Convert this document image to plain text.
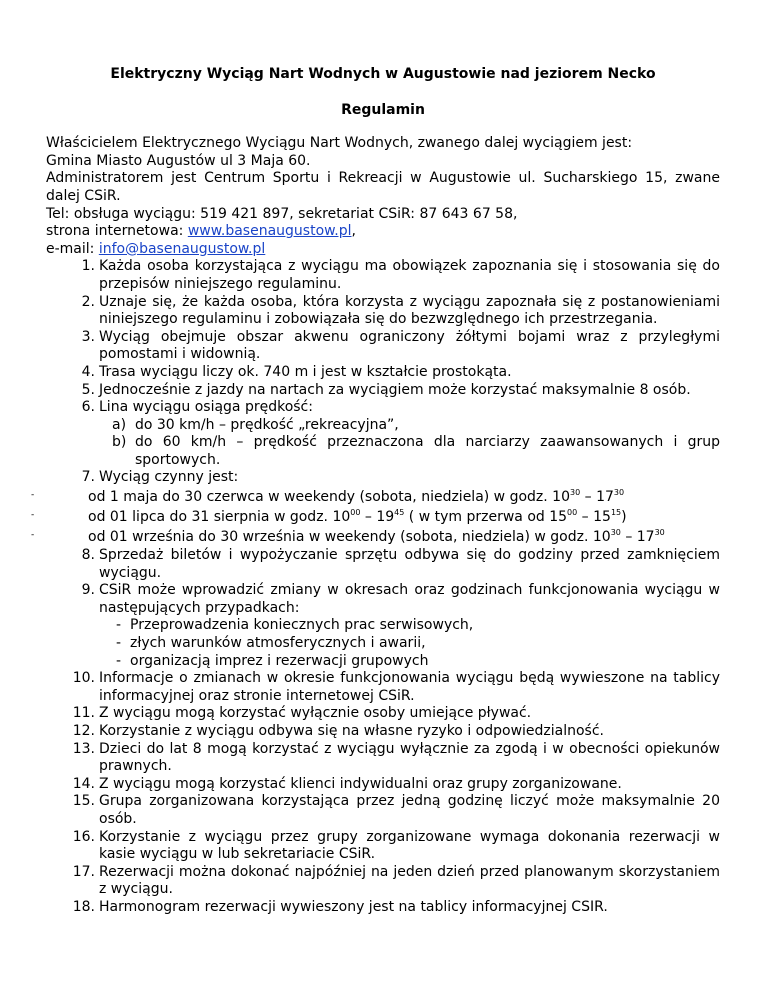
Elektryczny Wyciąg Nart Wodnych w Augustowie nad jeziorem Necko

Regulamin

Właścicielem Elektrycznego Wyciągu Nart Wodnych, zwanego dalej wyciągiem jest:

Gmina Miasto Augustów ul 3 Maja 60.

Administratorem jest Centrum Sportu i Rekreacji w Augustowie ul. Sucharskiego 15, zwane dalej CSiR.

Tel: obsługa wyciągu: 519 421 897, sekretariat CSiR: 87 643 67 58,

strona internetowa: www.basenaugustow.pl,

e-mail: info@basenaugustow.pl

1. Każda osoba korzystająca z wyciągu ma obowiązek zapoznania się i stosowania się do przepisów niniejszego regulaminu.
2. Uznaje się, że każda osoba, która korzysta z wyciągu zapoznała się z postanowieniami niniejszego regulaminu i zobowiązała się do bezwzględnego ich przestrzegania.
3. Wyciąg obejmuje obszar akwenu ograniczony żółtymi bojami wraz z przyległymi pomostami i widownią.
4. Trasa wyciągu liczy ok. 740 m i jest w kształcie prostokąta.
5. Jednocześnie z jazdy na nartach za wyciągiem może korzystać maksymalnie 8 osób.
6. Lina wyciągu osiąga prędkość:
a) do 30 km/h – prędkość „rekreacyjna”,
b) do 60 km/h – prędkość przeznaczona dla narciarzy zaawansowanych i grup sportowych.
7. Wyciąg czynny jest:
-	od 1 maja do 30 czerwca w weekendy (sobota, niedziela) w godz. $10^{30} - 17^{30}$
-	od 01 lipca do 31 sierpnia w godz. $10^{00} - 19^{45}$ ( w tym przerwa od $15^{00} - 15^{15}$)
-	od 01 września do 30 września w weekendy (sobota, niedziela) w godz. $10^{30} - 17^{30}$
8. Sprzedaż biletów i wypożyczanie sprzętu odbywa się do godziny przed zamknięciem wyciągu.
9. CSiR może wprowadzić zmiany w okresach oraz godzinach funkcjonowania wyciągu w następujących przypadkach:
- Przeprowadzenia koniecznych prac serwisowych,
- złych warunków atmosferycznych i awarii,
- organizacją imprez i rezerwacji grupowych
10. Informacje o zmianach w okresie funkcjonowania wyciągu będą wywieszone na tablicy informacyjnej oraz stronie internetowej CSiR.
11. Z wyciągu mogą korzystać wyłącznie osoby umiejące pływać.
12. Korzystanie z wyciągu odbywa się na własne ryzyko i odpowiedzialność.
13. Dzieci do lat 8 mogą korzystać z wyciągu wyłącznie za zgodą i w obecności opiekunów prawnych.
14. Z wyciągu mogą korzystać klienci indywidualni oraz grupy zorganizowane.
15. Grupa zorganizowana korzystająca przez jedną godzinę liczyć może maksymalnie 20 osób.
16. Korzystanie z wyciągu przez grupy zorganizowane wymaga dokonania rezerwacji w kasie wyciągu w lub sekretariacie CSiR.
17. Rezerwacji można dokonać najpóźniej na jeden dzień przed planowanym skorzystaniem z wyciągu.
18. Harmonogram rezerwacji wywieszony jest na tablicy informacyjnej CSIR.
